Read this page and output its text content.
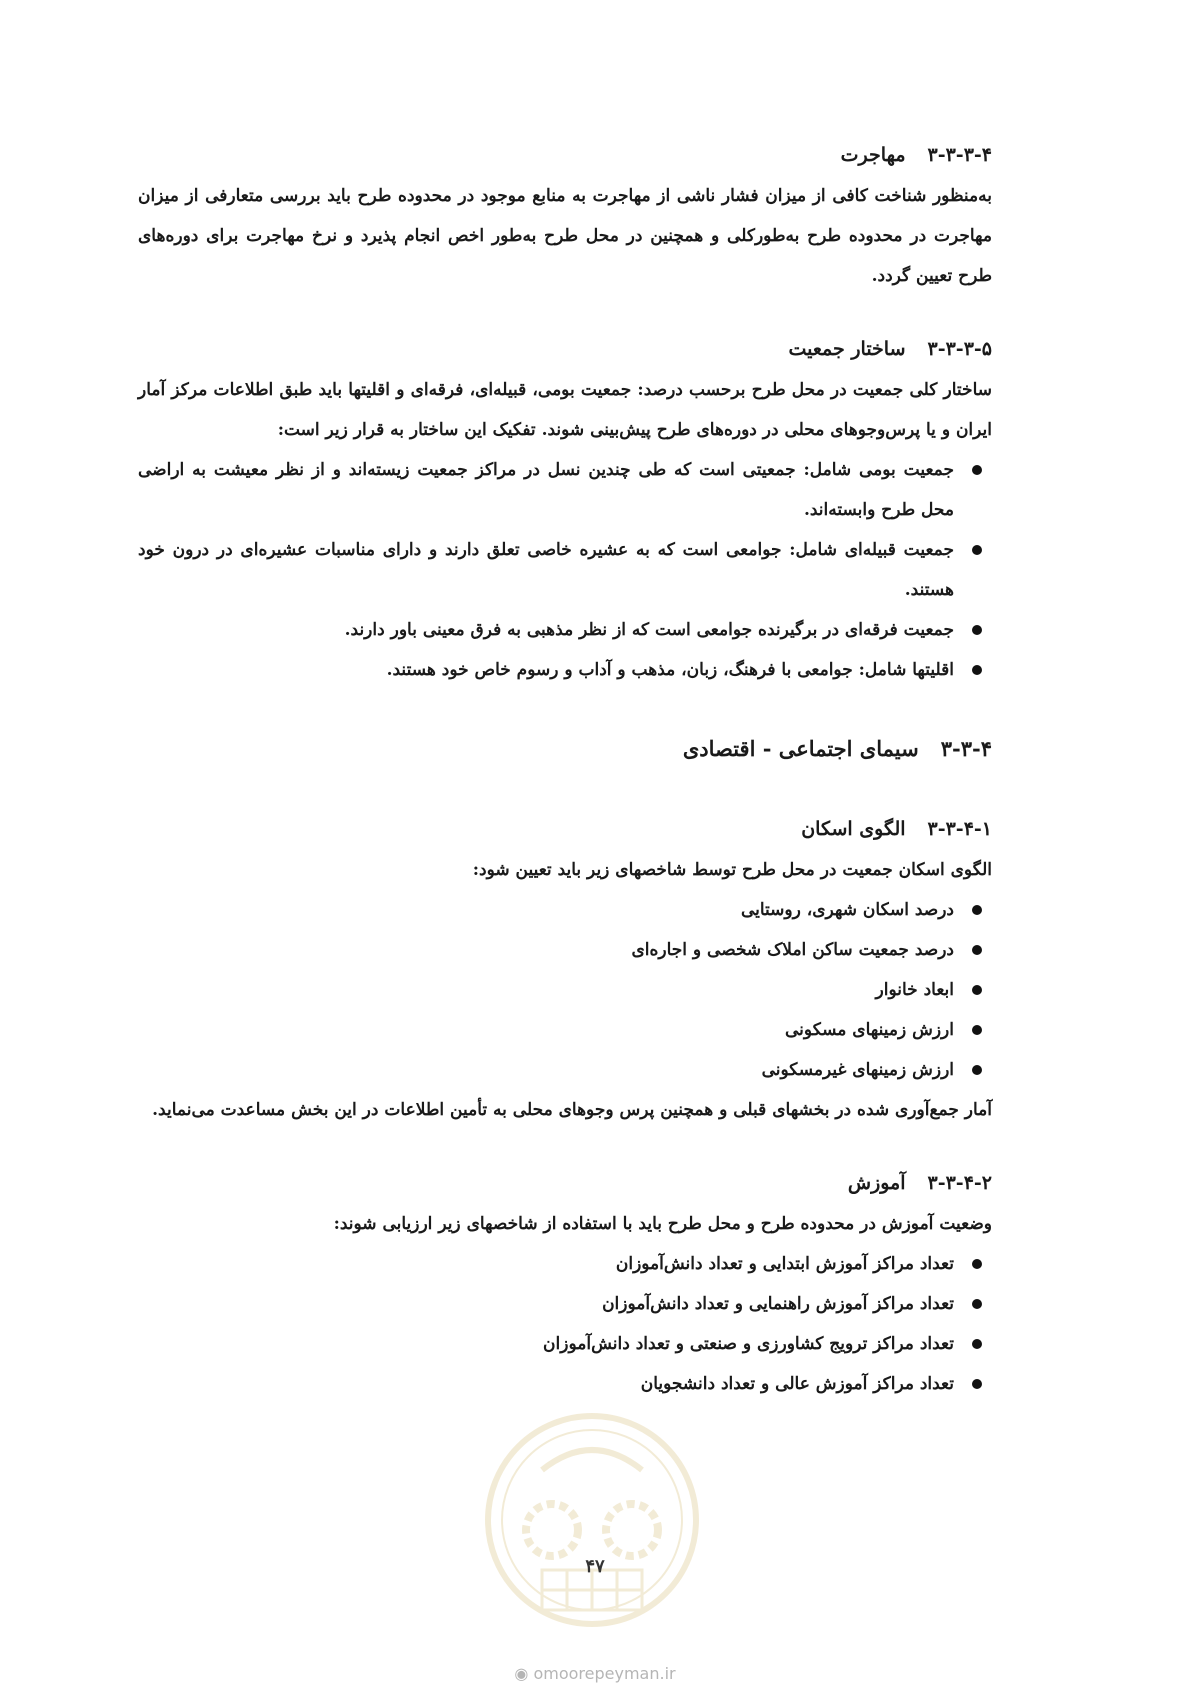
۳-۳-۳-۴
مهاجرت

به‌منظور شناخت کافی از میزان فشار ناشی از مهاجرت به منابع موجود در محدوده طرح باید بررسی متعارفی از میزان مهاجرت در محدوده طرح به‌طورکلی و همچنین در محل طرح به‌طور اخص انجام پذیرد و نرخ مهاجرت برای دوره‌های طرح تعیین گردد.

۳-۳-۳-۵
ساختار جمعیت

ساختار کلی جمعیت در محل طرح برحسب درصد: جمعیت بومی، قبیله‌ای، فرقه‌ای و اقلیتها باید طبق اطلاعات مرکز آمار ایران و یا پرس‌وجوهای محلی در دوره‌های طرح پیش‌بینی شوند. تفکیک این ساختار به قرار زیر است:

جمعیت بومی شامل: جمعیتی است که طی چندین نسل در مراکز جمعیت زیسته‌اند و از نظر معیشت به اراضی محل طرح وابسته‌اند.
جمعیت قبیله‌ای شامل: جوامعی است که به عشیره خاصی تعلق دارند و دارای مناسبات عشیره‌ای در درون خود هستند.
جمعیت فرقه‌ای در برگیرنده جوامعی است که از نظر مذهبی به فرق معینی باور دارند.
اقلیتها شامل: جوامعی با فرهنگ، زبان، مذهب و آداب و رسوم خاص خود هستند.
۳-۳-۴
سیمای اجتماعی - اقتصادی
۳-۳-۴-۱
الگوی اسکان

الگوی اسکان جمعیت در محل طرح توسط شاخصهای زیر باید تعیین شود:

درصد اسکان شهری، روستایی
درصد جمعیت ساکن املاک شخصی و اجاره‌ای
ابعاد خانوار
ارزش زمینهای مسکونی
ارزش زمینهای غیرمسکونی

آمار جمع‌آوری شده در بخشهای قبلی و همچنین پرس وجوهای محلی به تأمین اطلاعات در این بخش مساعدت می‌نماید.

۳-۳-۴-۲
آموزش

وضعیت آموزش در محدوده طرح و محل طرح باید با استفاده از شاخصهای زیر ارزیابی شوند:

تعداد مراکز آموزش ابتدایی و تعداد دانش‌آموزان
تعداد مراکز آموزش راهنمایی و تعداد دانش‌آموزان
تعداد مراکز ترویج کشاورزی و صنعتی و تعداد دانش‌آموزان
تعداد مراکز آموزش عالی و تعداد دانشجویان
۴۷
◉ omoorepeyman.ir
